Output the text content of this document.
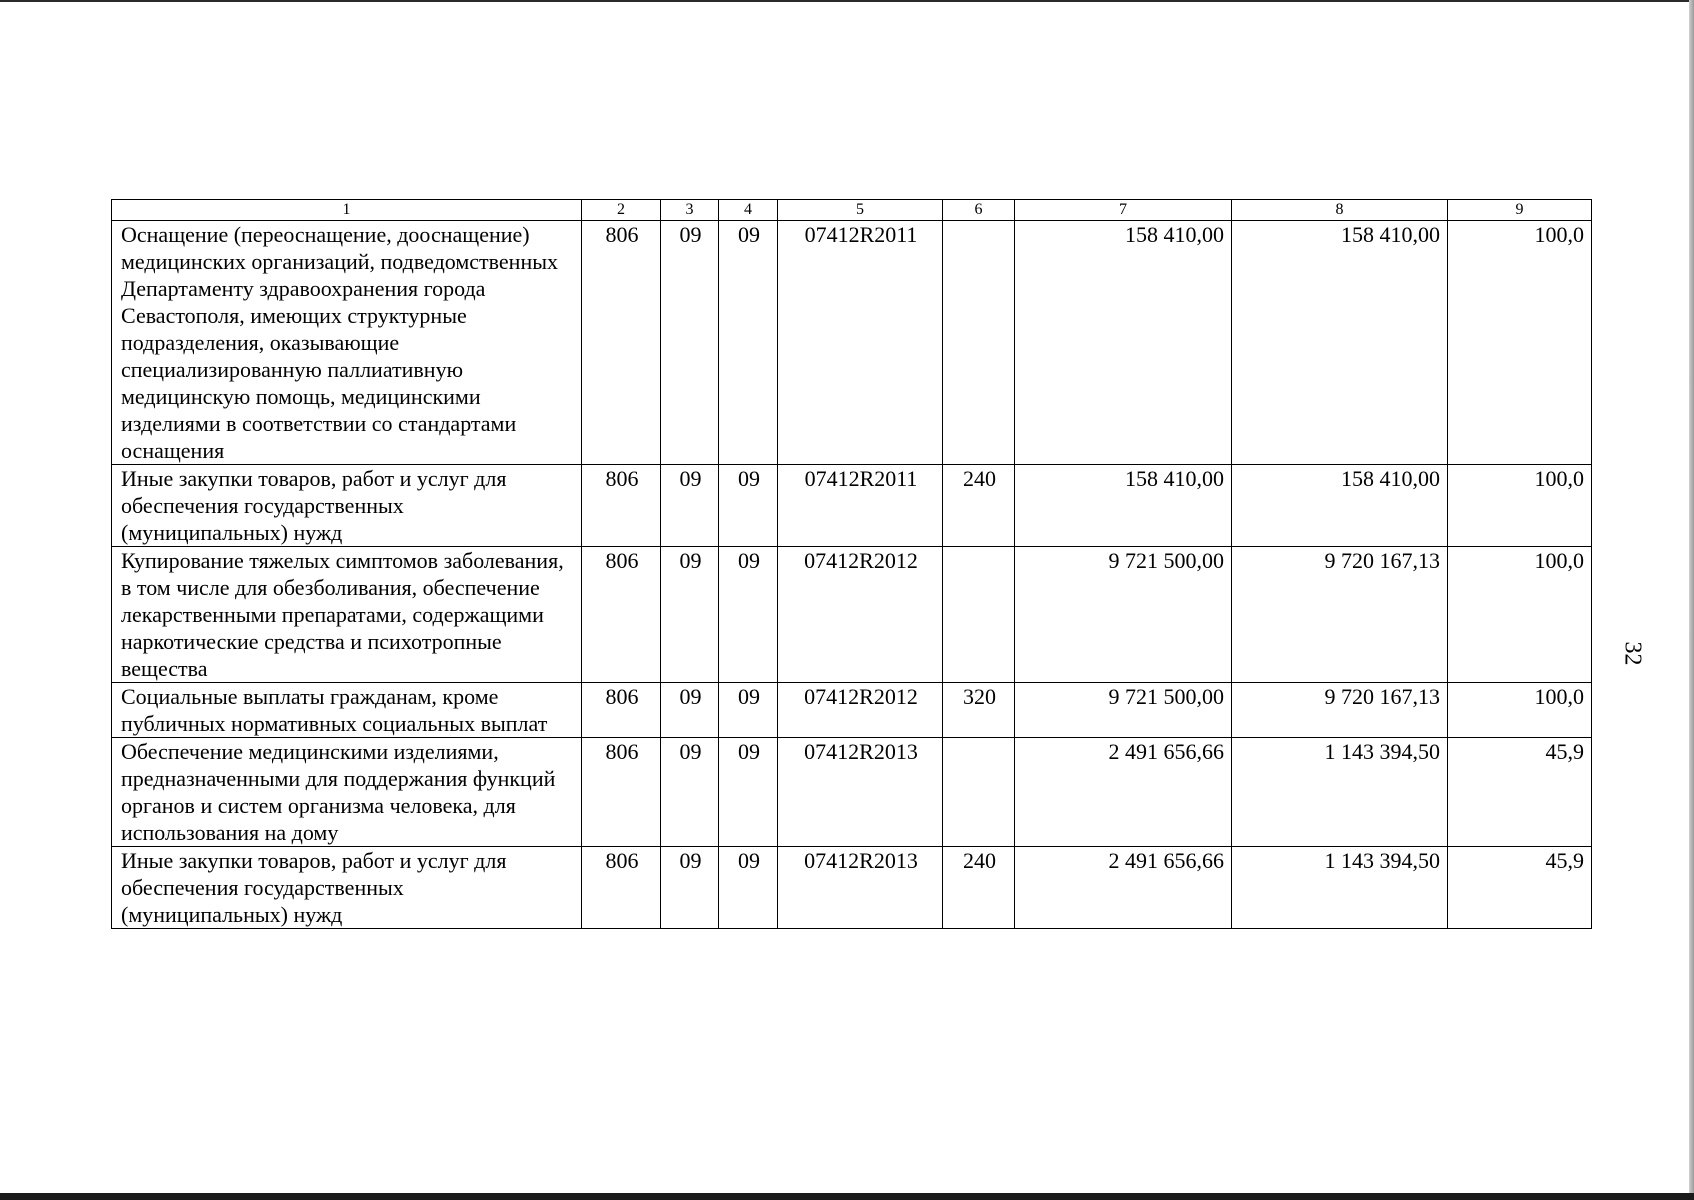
32
1	2	3	4	5	6	7	8	9
Оснащение (переоснащение, дооснащение) медицинских организаций, подведомственных Департаменту здравоохранения города Севастополя, имеющих структурные подразделения, оказывающие специализированную паллиативную медицинскую помощь, медицинскими изделиями в соответствии со стандартами оснащения	806	09	09	07412R2011		158 410,00	158 410,00	100,0
Иные закупки товаров, работ и услуг для обеспечения государственных (муниципальных) нужд	806	09	09	07412R2011	240	158 410,00	158 410,00	100,0
Купирование тяжелых симптомов заболевания, в том числе для обезболивания, обеспечение лекарственными препаратами, содержащими наркотические средства и психотропные вещества	806	09	09	07412R2012		9 721 500,00	9 720 167,13	100,0
Социальные выплаты гражданам, кроме публичных нормативных социальных выплат	806	09	09	07412R2012	320	9 721 500,00	9 720 167,13	100,0
Обеспечение медицинскими изделиями, предназначенными для поддержания функций органов и систем организма человека, для использования на дому	806	09	09	07412R2013		2 491 656,66	1 143 394,50	45,9
Иные закупки товаров, работ и услуг для обеспечения государственных (муниципальных) нужд	806	09	09	07412R2013	240	2 491 656,66	1 143 394,50	45,9
